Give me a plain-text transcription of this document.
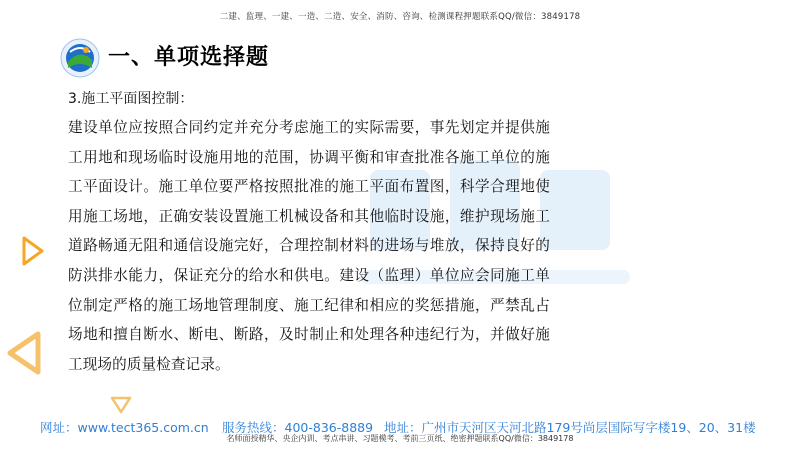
二建、监理、一建、一造、二造、安全、消防、咨询、检测课程押题联系QQ/微信：3849178
一、单项选择题
3.施工平面图控制：
建设单位应按照合同约定并充分考虑施工的实际需要，事先划定并提供施工用地和现场临时设施用地的范围，协调平衡和审查批准各施工单位的施工平面设计。施工单位要严格按照批准的施工平面布置图，科学合理地使用施工场地，正确安装设置施工机械设备和其他临时设施，维护现场施工道路畅通无阻和通信设施完好，合理控制材料的进场与堆放，保持良好的防洪排水能力，保证充分的给水和供电。建设（监理）单位应会同施工单位制定严格的施工场地管理制度、施工纪律和相应的奖惩措施，严禁乱占场地和擅自断水、断电、断路，及时制止和处理各种违纪行为，并做好施工现场的质量检查记录。
网址：www.tect365.com.cn 服务热线：400-836-8889 地址：广州市天河区天河北路179号尚层国际写字楼19、20、31楼
名师面授精华、央企内训、考点串讲、习题模考、考前三页纸、绝密押题联系QQ/微信：3849178
